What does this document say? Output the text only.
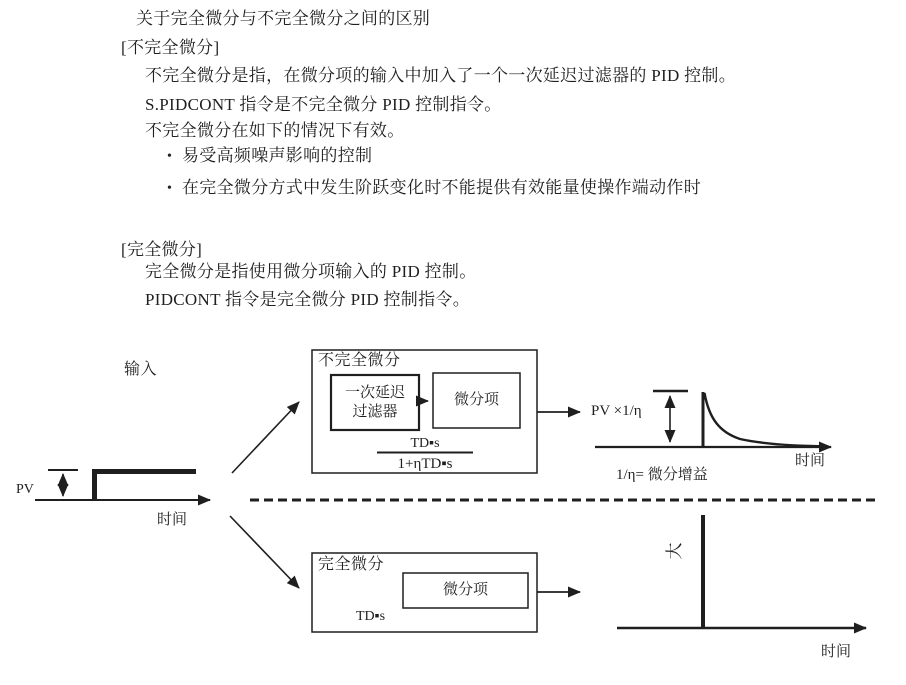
关于完全微分与不完全微分之间的区别
[不完全微分]
不完全微分是指，在微分项的输入中加入了一个一次延迟过滤器的 PID 控制。
S.PIDCONT 指令是不完全微分 PID 控制指令。
不完全微分在如下的情况下有效。
• 易受高频噪声影响的控制
• 在完全微分方式中发生阶跃变化时不能提供有效能量使操作端动作时
[完全微分]
完全微分是指使用微分项输入的 PID 控制。
PIDCONT 指令是完全微分 PID 控制指令。
输入
PV
时间
不完全微分
一次延迟
过滤器
微分项
TD▪s
1+ηTD▪s
PV ×1/η
1/η= 微分增益
时间
完全微分
微分项
TD▪s
大
时间
